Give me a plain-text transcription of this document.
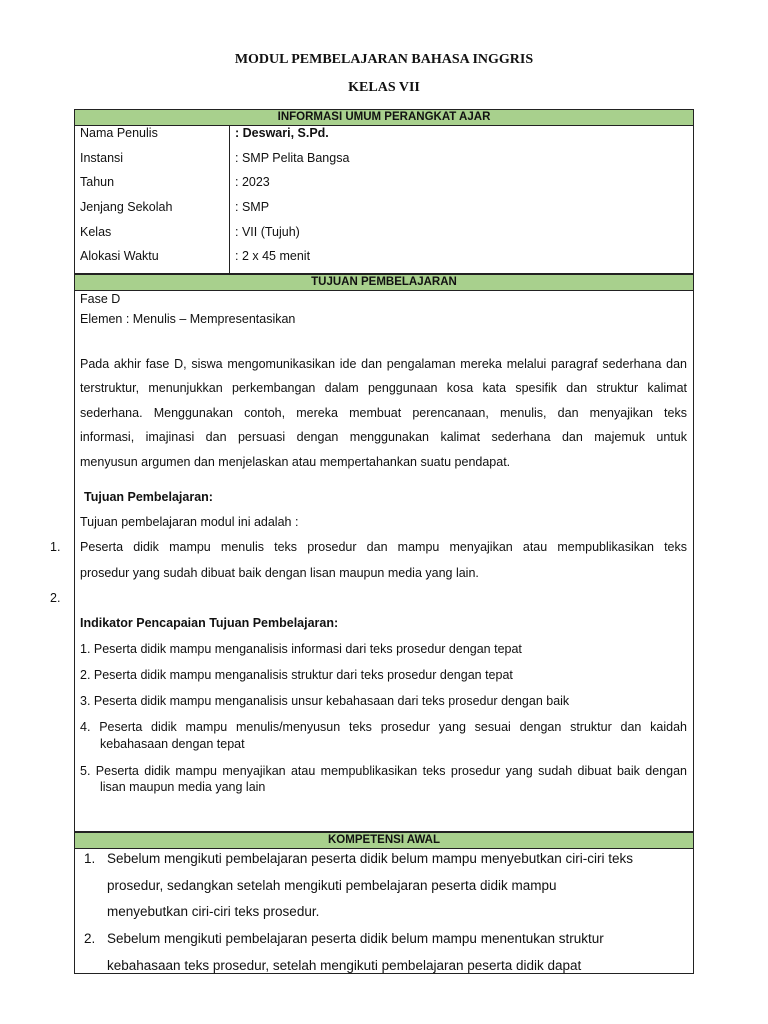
MODUL PEMBELAJARAN BAHASA INGGRIS
KELAS VII
INFORMASI UMUM PERANGKAT AJAR
Nama Penulis	: Deswari, S.Pd.
Instansi	: SMP Pelita Bangsa
Tahun	: 2023
Jenjang Sekolah	: SMP
Kelas	: VII (Tujuh)
Alokasi Waktu	: 2 x 45 menit
TUJUAN PEMBELAJARAN
Fase D
Elemen : Menulis – Mempresentasikan
Pada akhir fase D, siswa mengomunikasikan ide dan pengalaman mereka melalui paragraf sederhana dan
terstruktur, menunjukkan perkembangan dalam penggunaan kosa kata spesifik dan struktur kalimat
sederhana. Menggunakan contoh, mereka membuat perencanaan, menulis, dan menyajikan teks
informasi, imajinasi dan persuasi dengan menggunakan kalimat sederhana dan majemuk untuk
menyusun argumen dan menjelaskan atau mempertahankan suatu pendapat.
Tujuan Pembelajaran:
Tujuan pembelajaran modul ini adalah :
1. Peserta didik mampu menulis teks prosedur dan mampu menyajikan atau mempublikasikan teks
prosedur yang sudah dibuat baik dengan lisan maupun media yang lain.
2.
Indikator Pencapaian Tujuan Pembelajaran:
1. Peserta didik mampu menganalisis informasi dari teks prosedur dengan tepat
2. Peserta didik mampu menganalisis struktur dari teks prosedur dengan tepat
3. Peserta didik mampu menganalisis unsur kebahasaan dari teks prosedur dengan baik
4. Peserta didik mampu menulis/menyusun teks prosedur yang sesuai dengan struktur dan kaidah
kebahasaan dengan tepat
5. Peserta didik mampu menyajikan atau mempublikasikan teks prosedur yang sudah dibuat baik dengan
lisan maupun media yang lain
KOMPETENSI AWAL
1. Sebelum mengikuti pembelajaran peserta didik belum mampu menyebutkan ciri-ciri teks
prosedur, sedangkan setelah mengikuti pembelajaran peserta didik mampu
menyebutkan ciri-ciri teks prosedur.
2. Sebelum mengikuti pembelajaran peserta didik belum mampu menentukan struktur
kebahasaan teks prosedur, setelah mengikuti pembelajaran peserta didik dapat
